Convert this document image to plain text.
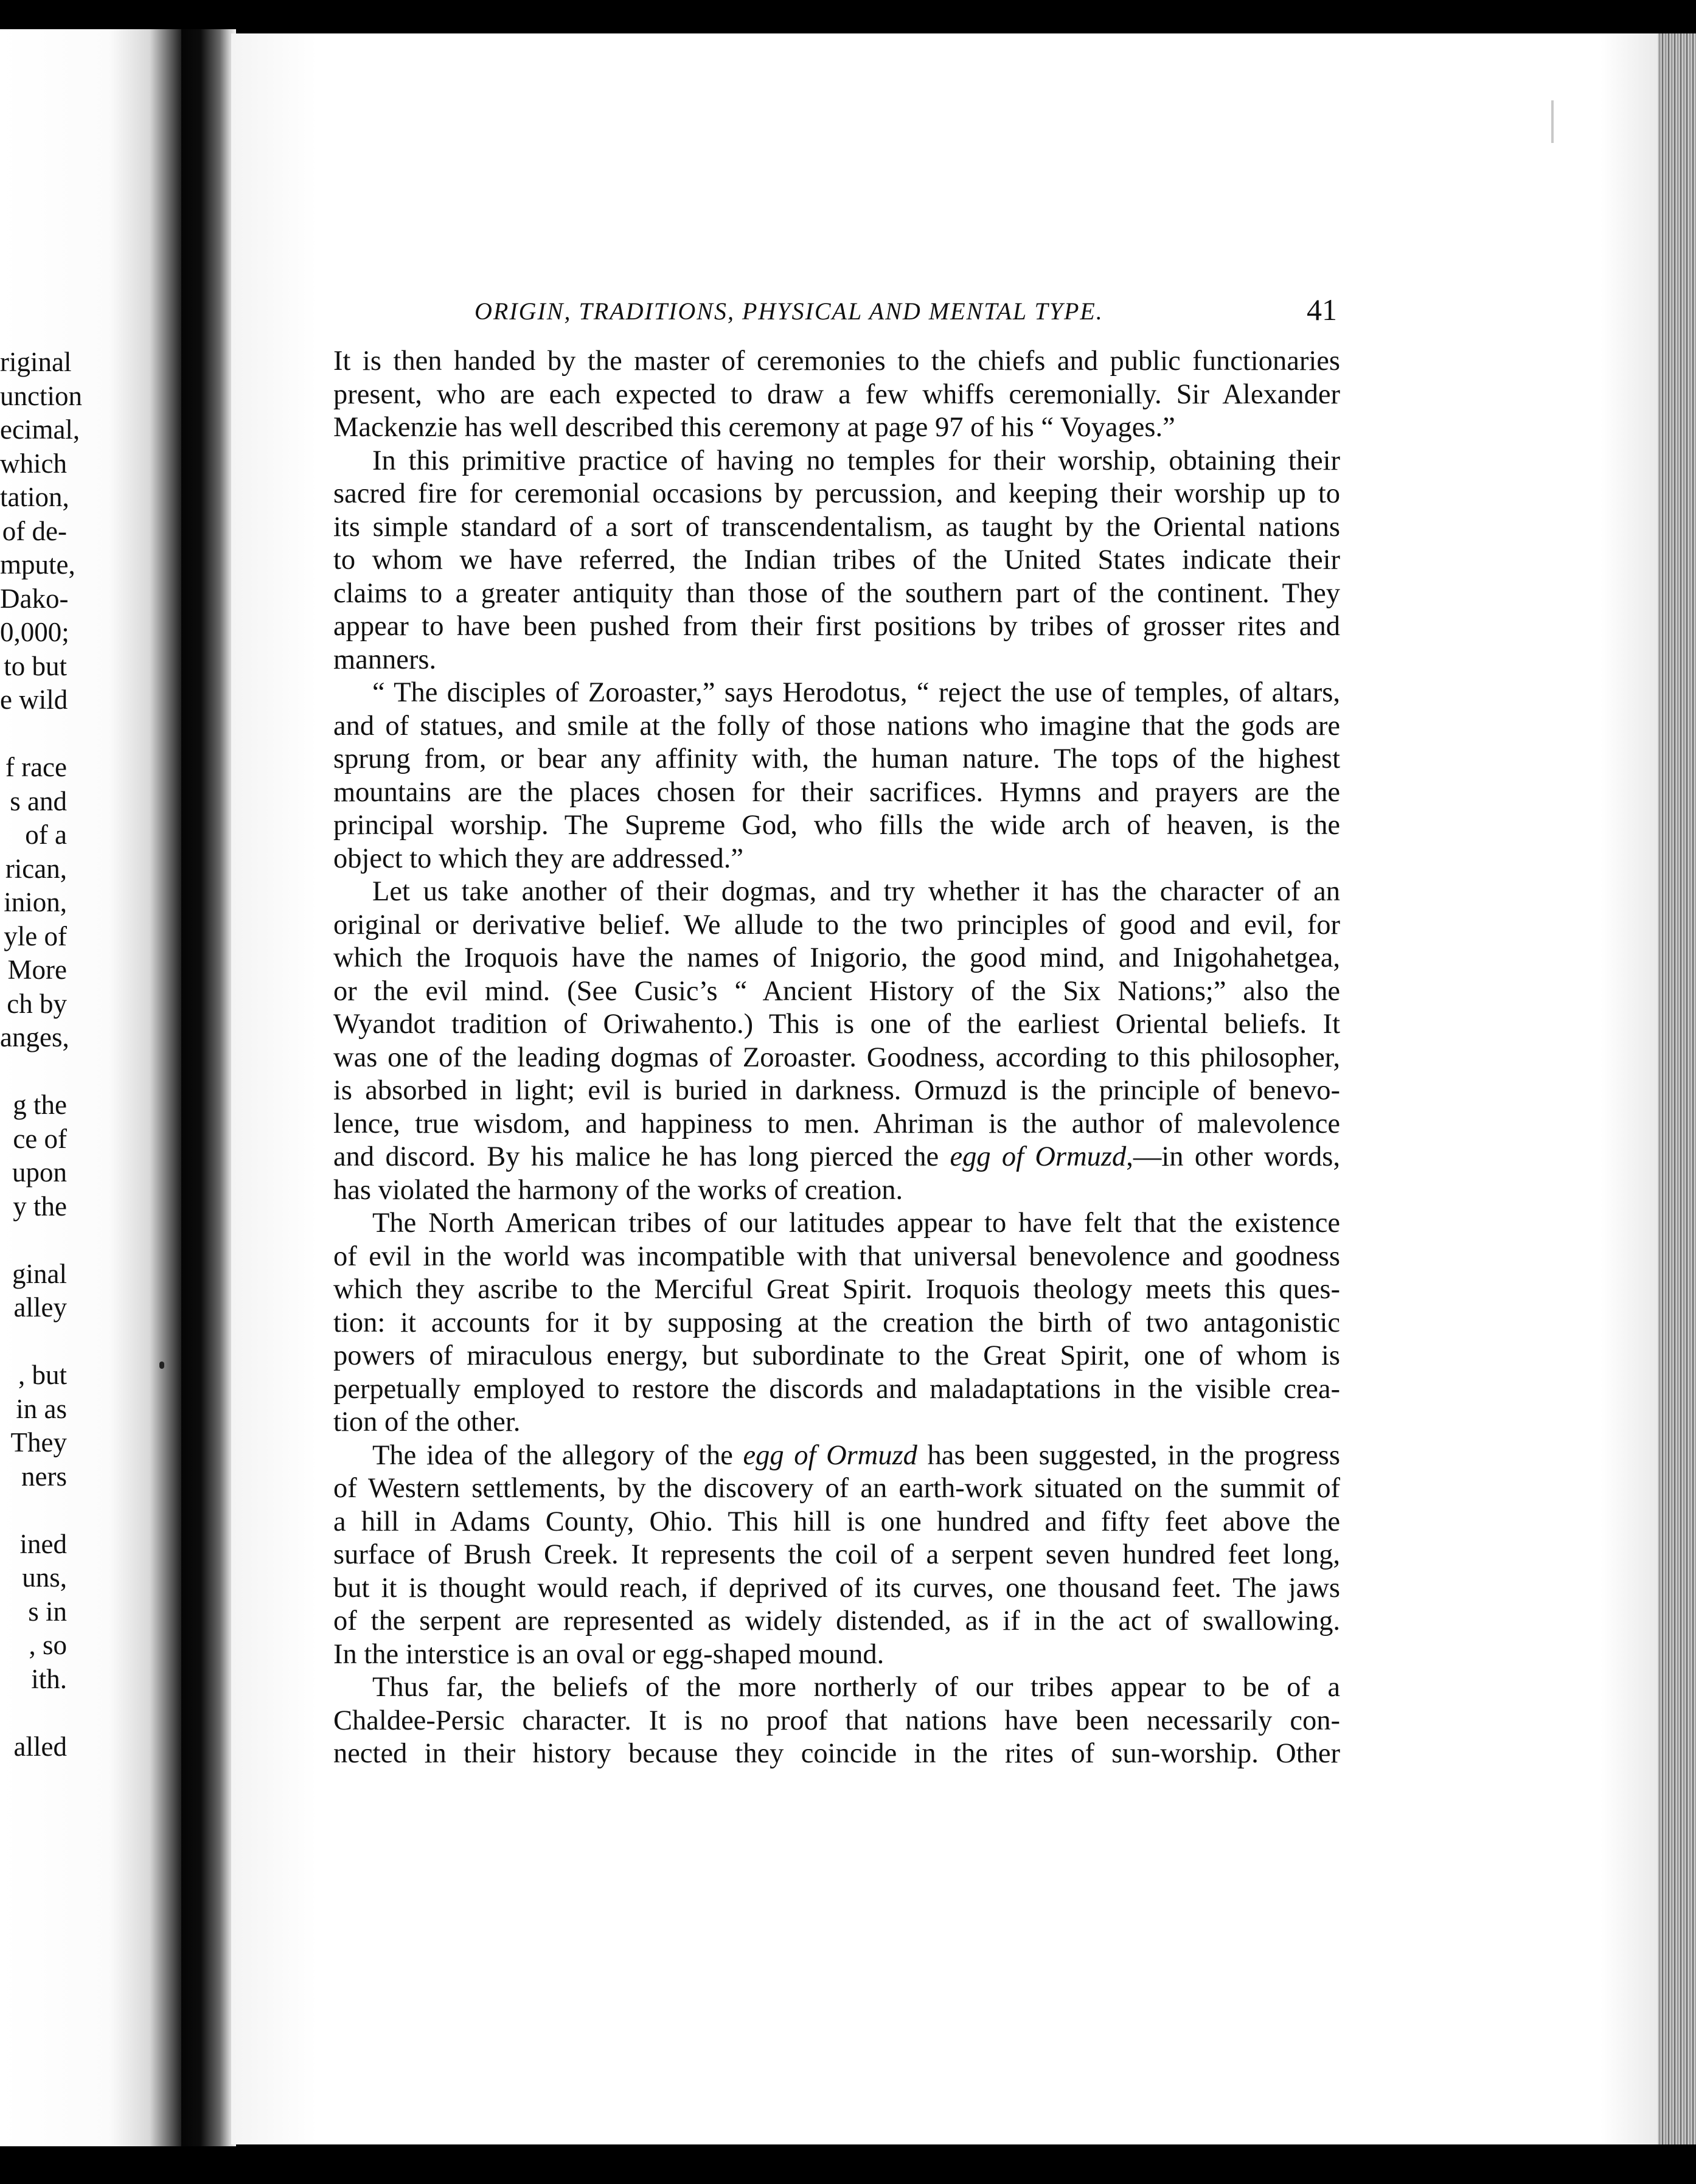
riginal
unction
ecimal,
which
tation,
of de-
mpute,
Dako-
0,000;
to but
e wild
f race
s and
of a
rican,
inion,
yle of
More
ch by
anges,
g the
ce of
upon
y the
ginal
alley
, but
in as
They
ners
ined
uns,
s in
, so
ith.
alled
ORIGIN, TRADITIONS, PHYSICAL AND MENTAL TYPE.	41
It is then handed by the master of ceremonies to the chiefs and public functionaries
present, who are each expected to draw a few whiffs ceremonially. Sir Alexander
Mackenzie has well described this ceremony at page 97 of his “ Voyages.”
In this primitive practice of having no temples for their worship, obtaining their
sacred fire for ceremonial occasions by percussion, and keeping their worship up to
its simple standard of a sort of transcendentalism, as taught by the Oriental nations
to whom we have referred, the Indian tribes of the United States indicate their
claims to a greater antiquity than those of the southern part of the continent. They
appear to have been pushed from their first positions by tribes of grosser rites and
manners.
“ The disciples of Zoroaster,” says Herodotus, “ reject the use of temples, of altars,
and of statues, and smile at the folly of those nations who imagine that the gods are
sprung from, or bear any affinity with, the human nature. The tops of the highest
mountains are the places chosen for their sacrifices. Hymns and prayers are the
principal worship. The Supreme God, who fills the wide arch of heaven, is the
object to which they are addressed.”
Let us take another of their dogmas, and try whether it has the character of an
original or derivative belief. We allude to the two principles of good and evil, for
which the Iroquois have the names of Inigorio, the good mind, and Inigohahetgea,
or the evil mind. (See Cusic’s “ Ancient History of the Six Nations;” also the
Wyandot tradition of Oriwahento.) This is one of the earliest Oriental beliefs. It
was one of the leading dogmas of Zoroaster. Goodness, according to this philosopher,
is absorbed in light; evil is buried in darkness. Ormuzd is the principle of benevo-
lence, true wisdom, and happiness to men. Ahriman is the author of malevolence
and discord. By his malice he has long pierced the egg of Ormuzd,—in other words,
has violated the harmony of the works of creation.
The North American tribes of our latitudes appear to have felt that the existence
of evil in the world was incompatible with that universal benevolence and goodness
which they ascribe to the Merciful Great Spirit. Iroquois theology meets this ques-
tion: it accounts for it by supposing at the creation the birth of two antagonistic
powers of miraculous energy, but subordinate to the Great Spirit, one of whom is
perpetually employed to restore the discords and maladaptations in the visible crea-
tion of the other.
The idea of the allegory of the egg of Ormuzd has been suggested, in the progress
of Western settlements, by the discovery of an earth-work situated on the summit of
a hill in Adams County, Ohio. This hill is one hundred and fifty feet above the
surface of Brush Creek. It represents the coil of a serpent seven hundred feet long,
but it is thought would reach, if deprived of its curves, one thousand feet. The jaws
of the serpent are represented as widely distended, as if in the act of swallowing.
In the interstice is an oval or egg-shaped mound.
Thus far, the beliefs of the more northerly of our tribes appear to be of a
Chaldee-Persic character. It is no proof that nations have been necessarily con-
nected in their history because they coincide in the rites of sun-worship. Other
